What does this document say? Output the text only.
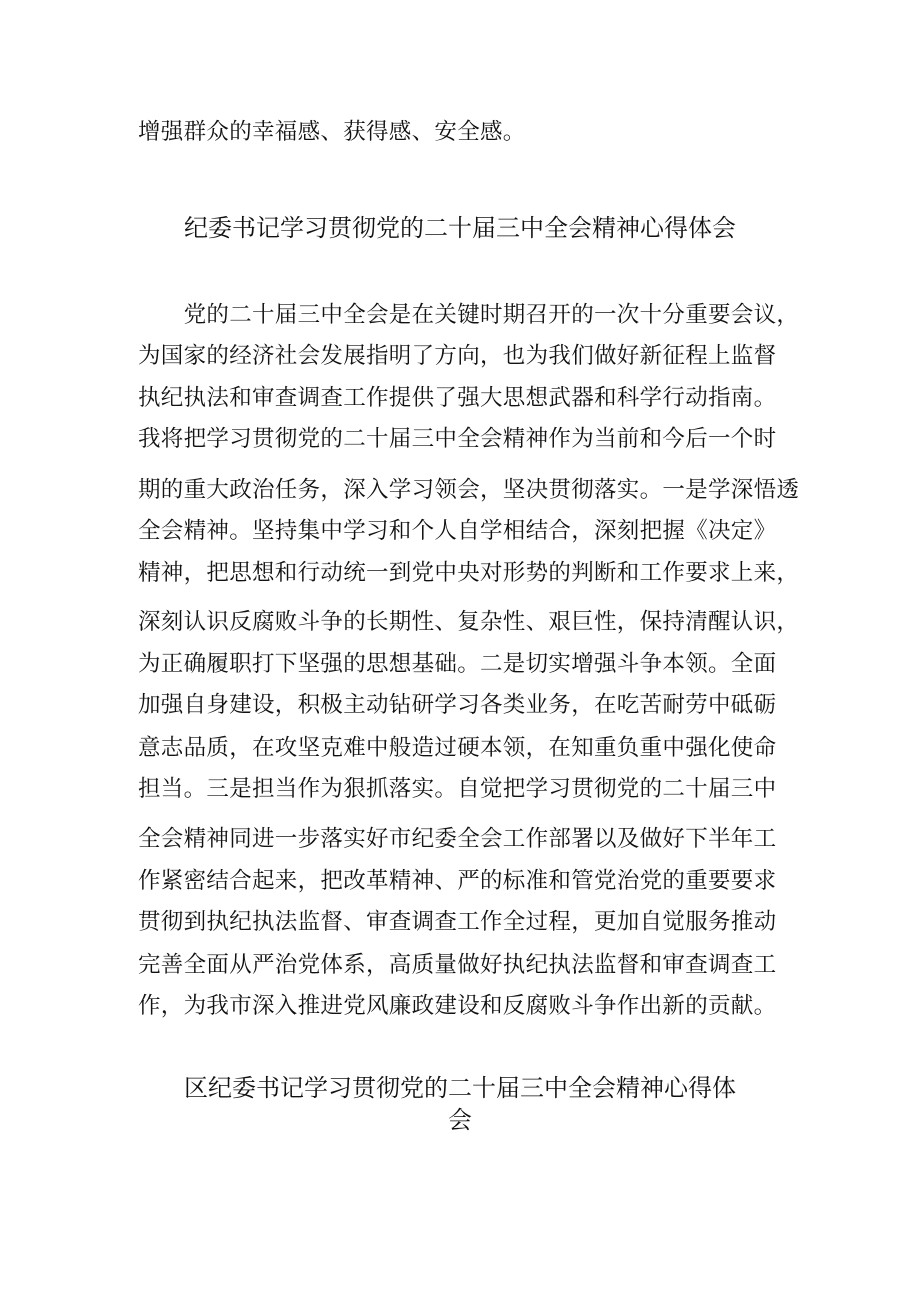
增强群众的幸福感、获得感、安全感。

纪委书记学习贯彻党的二十届三中全会精神心得体会

　　党的二十届三中全会是在关键时期召开的一次十分重要会议，

为国家的经济社会发展指明了方向，也为我们做好新征程上监督

执纪执法和审查调查工作提供了强大思想武器和科学行动指南。

我将把学习贯彻党的二十届三中全会精神作为当前和今后一个时

期的重大政治任务，深入学习领会，坚决贯彻落实。一是学深悟透

全会精神。坚持集中学习和个人自学相结合，深刻把握《决定》

精神，把思想和行动统一到党中央对形势的判断和工作要求上来，

深刻认识反腐败斗争的长期性、复杂性、艰巨性，保持清醒认识，

为正确履职打下坚强的思想基础。二是切实增强斗争本领。全面

加强自身建设，积极主动钻研学习各类业务，在吃苦耐劳中砥砺

意志品质，在攻坚克难中般造过硬本领，在知重负重中强化使命

担当。三是担当作为狠抓落实。自觉把学习贯彻党的二十届三中

全会精神同进一步落实好市纪委全会工作部署以及做好下半年工

作紧密结合起来，把改革精神、严的标准和管党治党的重要要求

贯彻到执纪执法监督、审查调查工作全过程，更加自觉服务推动

完善全面从严治党体系，高质量做好执纪执法监督和审查调查工

作，为我市深入推进党风廉政建设和反腐败斗争作出新的贡献。

区纪委书记学习贯彻党的二十届三中全会精神心得体
会
